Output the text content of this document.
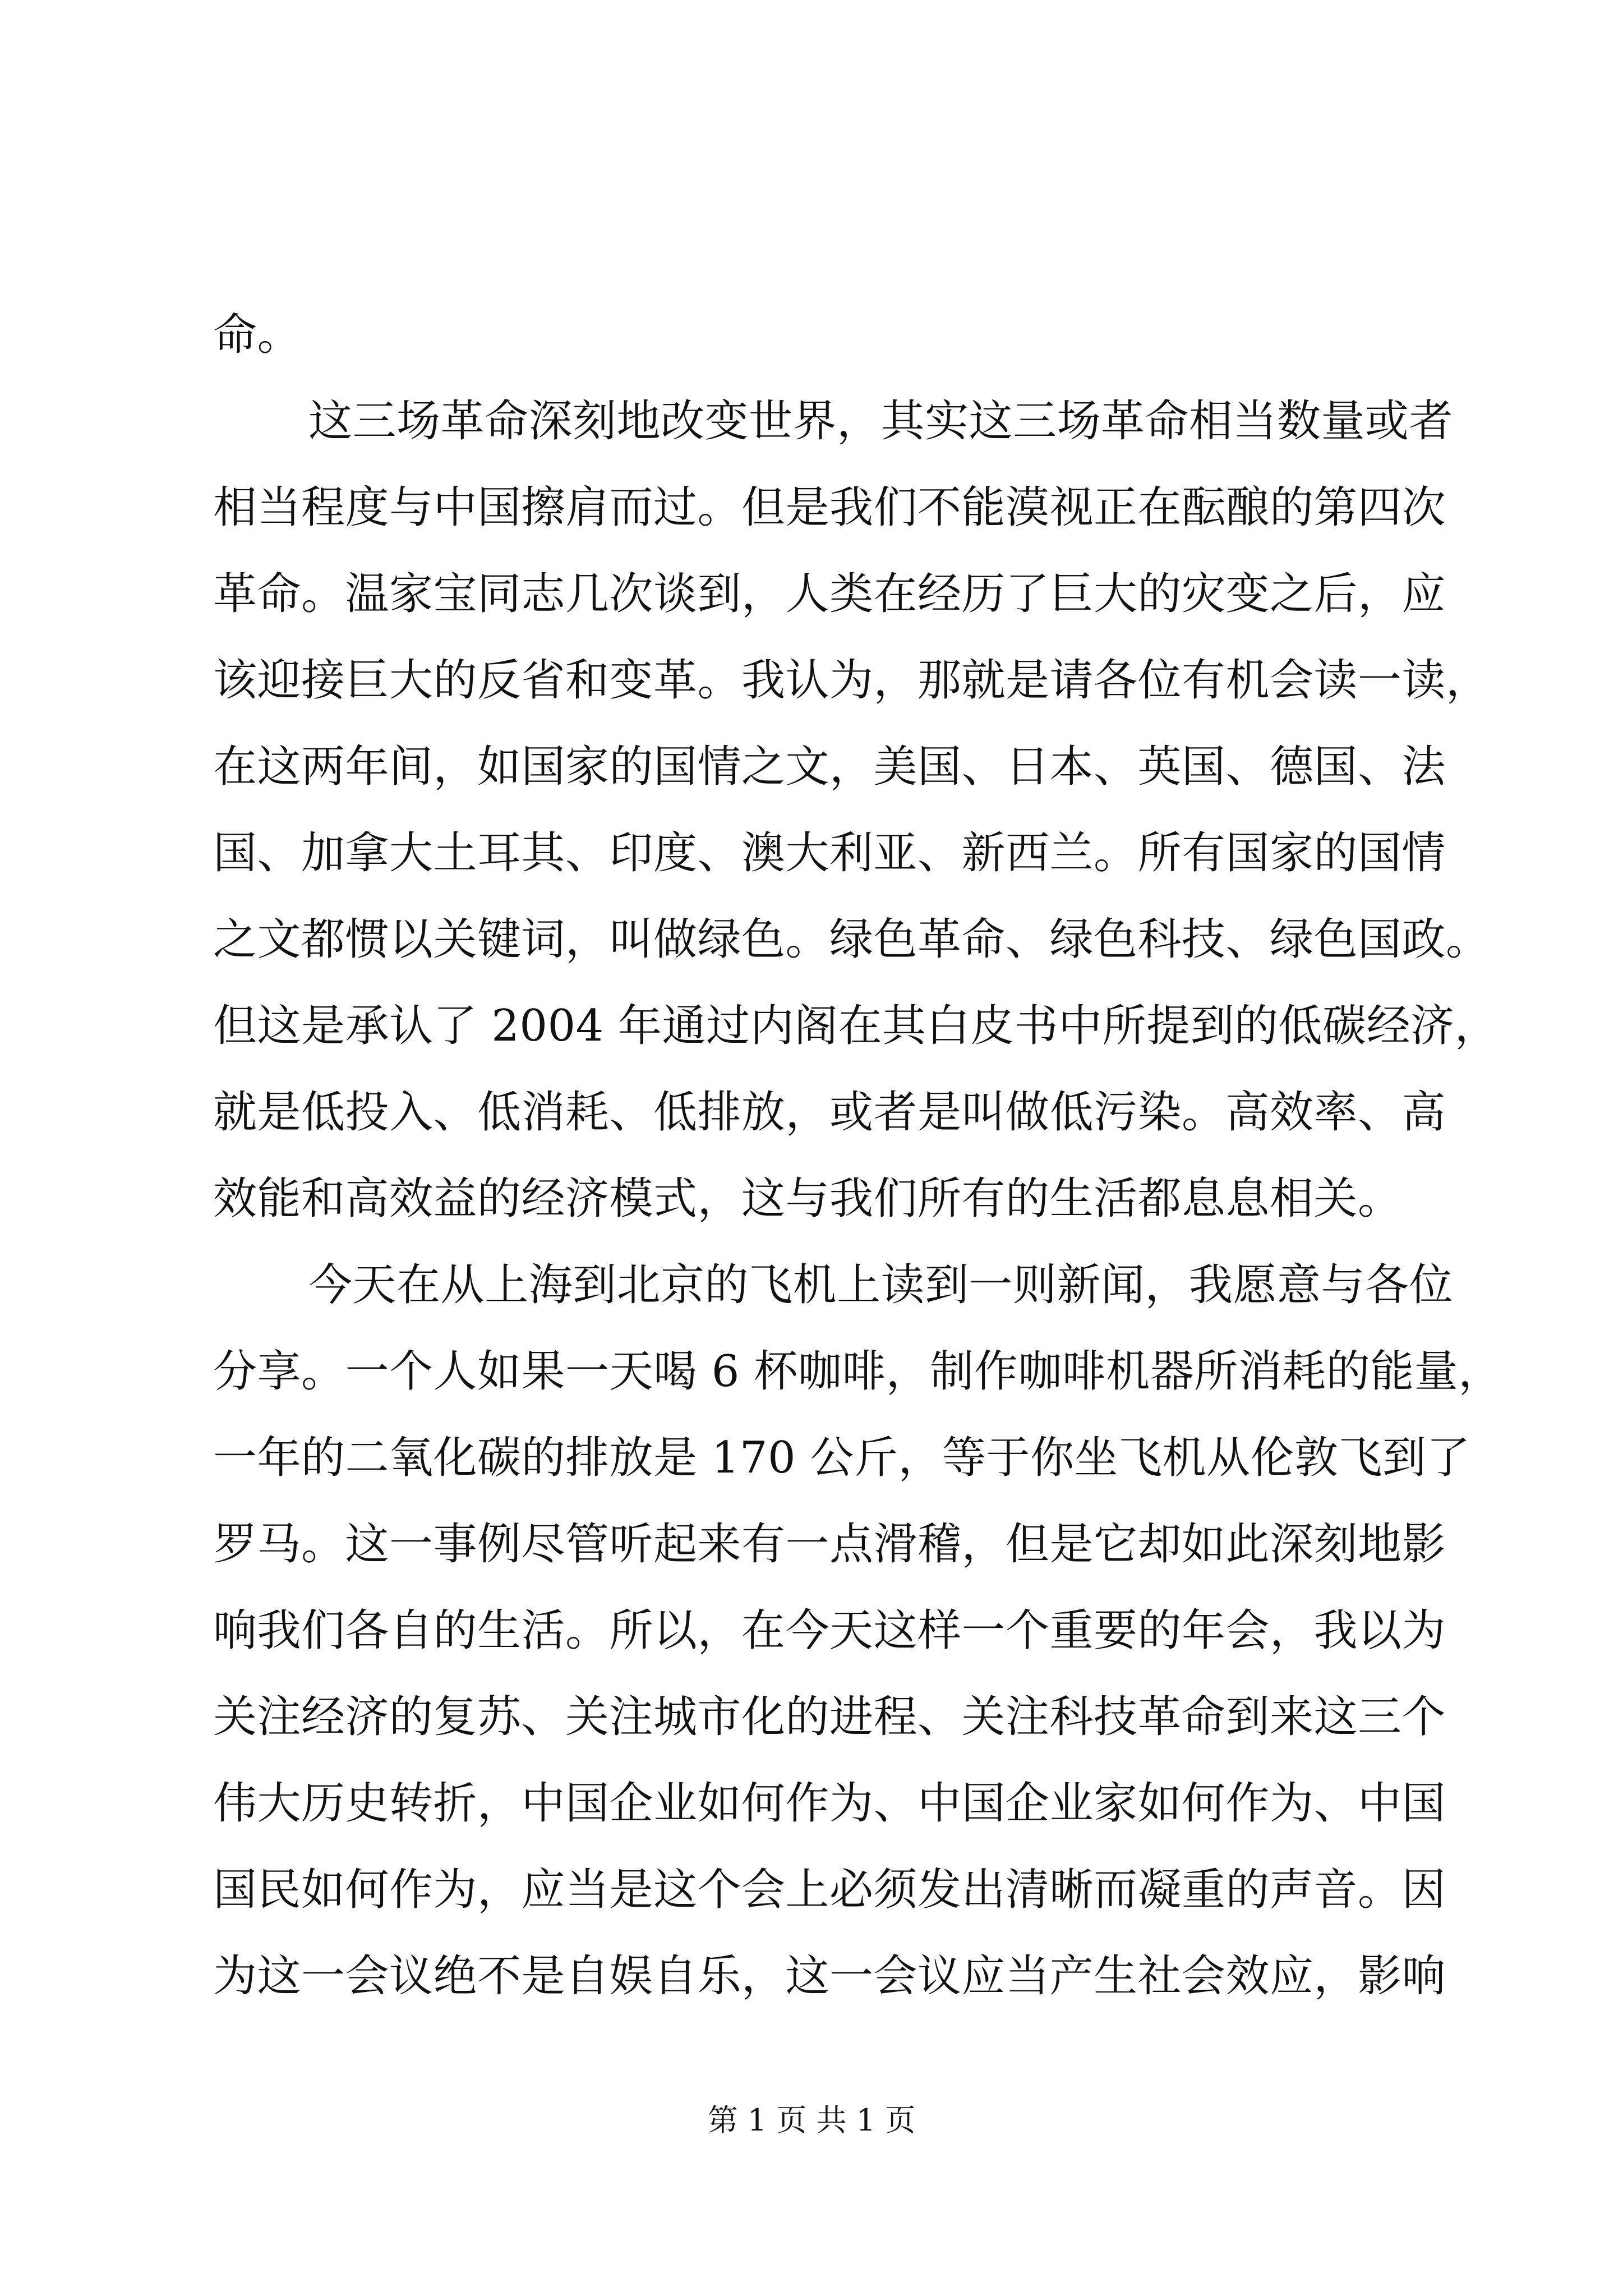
命。
这三场革命深刻地改变世界，其实这三场革命相当数量或者
相当程度与中国擦肩而过。但是我们不能漠视正在酝酿的第四次
革命。温家宝同志几次谈到，人类在经历了巨大的灾变之后，应
该迎接巨大的反省和变革。我认为，那就是请各位有机会读一读，
在这两年间，如国家的国情之文，美国、日本、英国、德国、法
国、加拿大土耳其、印度、澳大利亚、新西兰。所有国家的国情
之文都惯以关键词，叫做绿色。绿色革命、绿色科技、绿色国政。
但这是承认了 2004 年通过内阁在其白皮书中所提到的低碳经济，
就是低投入、低消耗、低排放，或者是叫做低污染。高效率、高
效能和高效益的经济模式，这与我们所有的生活都息息相关。
今天在从上海到北京的飞机上读到一则新闻，我愿意与各位
分享。一个人如果一天喝 6 杯咖啡，制作咖啡机器所消耗的能量，
一年的二氧化碳的排放是 170 公斤，等于你坐飞机从伦敦飞到了
罗马。这一事例尽管听起来有一点滑稽，但是它却如此深刻地影
响我们各自的生活。所以，在今天这样一个重要的年会，我以为
关注经济的复苏、关注城市化的进程、关注科技革命到来这三个
伟大历史转折，中国企业如何作为、中国企业家如何作为、中国
国民如何作为，应当是这个会上必须发出清晰而凝重的声音。因
为这一会议绝不是自娱自乐，这一会议应当产生社会效应，影响
第 1 页 共 1 页
